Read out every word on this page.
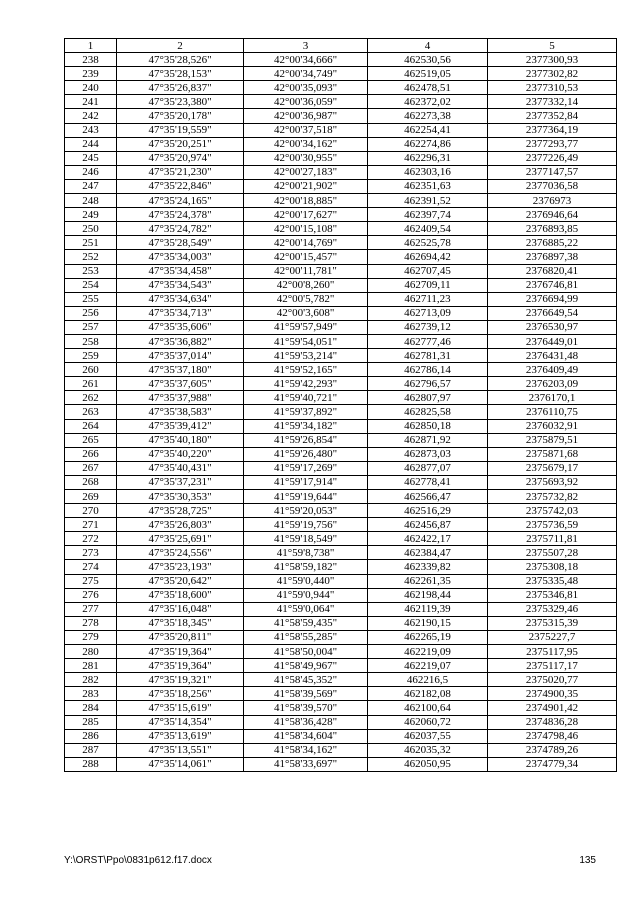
1	2	3	4	5
238	47°35'28,526"	42°00'34,666"	462530,56	2377300,93
239	47°35'28,153"	42°00'34,749"	462519,05	2377302,82
240	47°35'26,837"	42°00'35,093"	462478,51	2377310,53
241	47°35'23,380"	42°00'36,059"	462372,02	2377332,14
242	47°35'20,178"	42°00'36,987"	462273,38	2377352,84
243	47°35'19,559"	42°00'37,518"	462254,41	2377364,19
244	47°35'20,251"	42°00'34,162"	462274,86	2377293,77
245	47°35'20,974"	42°00'30,955"	462296,31	2377226,49
246	47°35'21,230"	42°00'27,183"	462303,16	2377147,57
247	47°35'22,846"	42°00'21,902"	462351,63	2377036,58
248	47°35'24,165"	42°00'18,885"	462391,52	2376973
249	47°35'24,378"	42°00'17,627"	462397,74	2376946,64
250	47°35'24,782"	42°00'15,108"	462409,54	2376893,85
251	47°35'28,549"	42°00'14,769"	462525,78	2376885,22
252	47°35'34,003"	42°00'15,457"	462694,42	2376897,38
253	47°35'34,458"	42°00'11,781"	462707,45	2376820,41
254	47°35'34,543"	42°00'8,260"	462709,11	2376746,81
255	47°35'34,634"	42°00'5,782"	462711,23	2376694,99
256	47°35'34,713"	42°00'3,608"	462713,09	2376649,54
257	47°35'35,606"	41°59'57,949"	462739,12	2376530,97
258	47°35'36,882"	41°59'54,051"	462777,46	2376449,01
259	47°35'37,014"	41°59'53,214"	462781,31	2376431,48
260	47°35'37,180"	41°59'52,165"	462786,14	2376409,49
261	47°35'37,605"	41°59'42,293"	462796,57	2376203,09
262	47°35'37,988"	41°59'40,721"	462807,97	2376170,1
263	47°35'38,583"	41°59'37,892"	462825,58	2376110,75
264	47°35'39,412"	41°59'34,182"	462850,18	2376032,91
265	47°35'40,180"	41°59'26,854"	462871,92	2375879,51
266	47°35'40,220"	41°59'26,480"	462873,03	2375871,68
267	47°35'40,431"	41°59'17,269"	462877,07	2375679,17
268	47°35'37,231"	41°59'17,914"	462778,41	2375693,92
269	47°35'30,353"	41°59'19,644"	462566,47	2375732,82
270	47°35'28,725"	41°59'20,053"	462516,29	2375742,03
271	47°35'26,803"	41°59'19,756"	462456,87	2375736,59
272	47°35'25,691"	41°59'18,549"	462422,17	2375711,81
273	47°35'24,556"	41°59'8,738"	462384,47	2375507,28
274	47°35'23,193"	41°58'59,182"	462339,82	2375308,18
275	47°35'20,642"	41°59'0,440"	462261,35	2375335,48
276	47°35'18,600"	41°59'0,944"	462198,44	2375346,81
277	47°35'16,048"	41°59'0,064"	462119,39	2375329,46
278	47°35'18,345"	41°58'59,435"	462190,15	2375315,39
279	47°35'20,811"	41°58'55,285"	462265,19	2375227,7
280	47°35'19,364"	41°58'50,004"	462219,09	2375117,95
281	47°35'19,364"	41°58'49,967"	462219,07	2375117,17
282	47°35'19,321"	41°58'45,352"	462216,5	2375020,77
283	47°35'18,256"	41°58'39,569"	462182,08	2374900,35
284	47°35'15,619"	41°58'39,570"	462100,64	2374901,42
285	47°35'14,354"	41°58'36,428"	462060,72	2374836,28
286	47°35'13,619"	41°58'34,604"	462037,55	2374798,46
287	47°35'13,551"	41°58'34,162"	462035,32	2374789,26
288	47°35'14,061"	41°58'33,697"	462050,95	2374779,34
Y:\ORST\Ppo\0831p612.f17.docx	135
